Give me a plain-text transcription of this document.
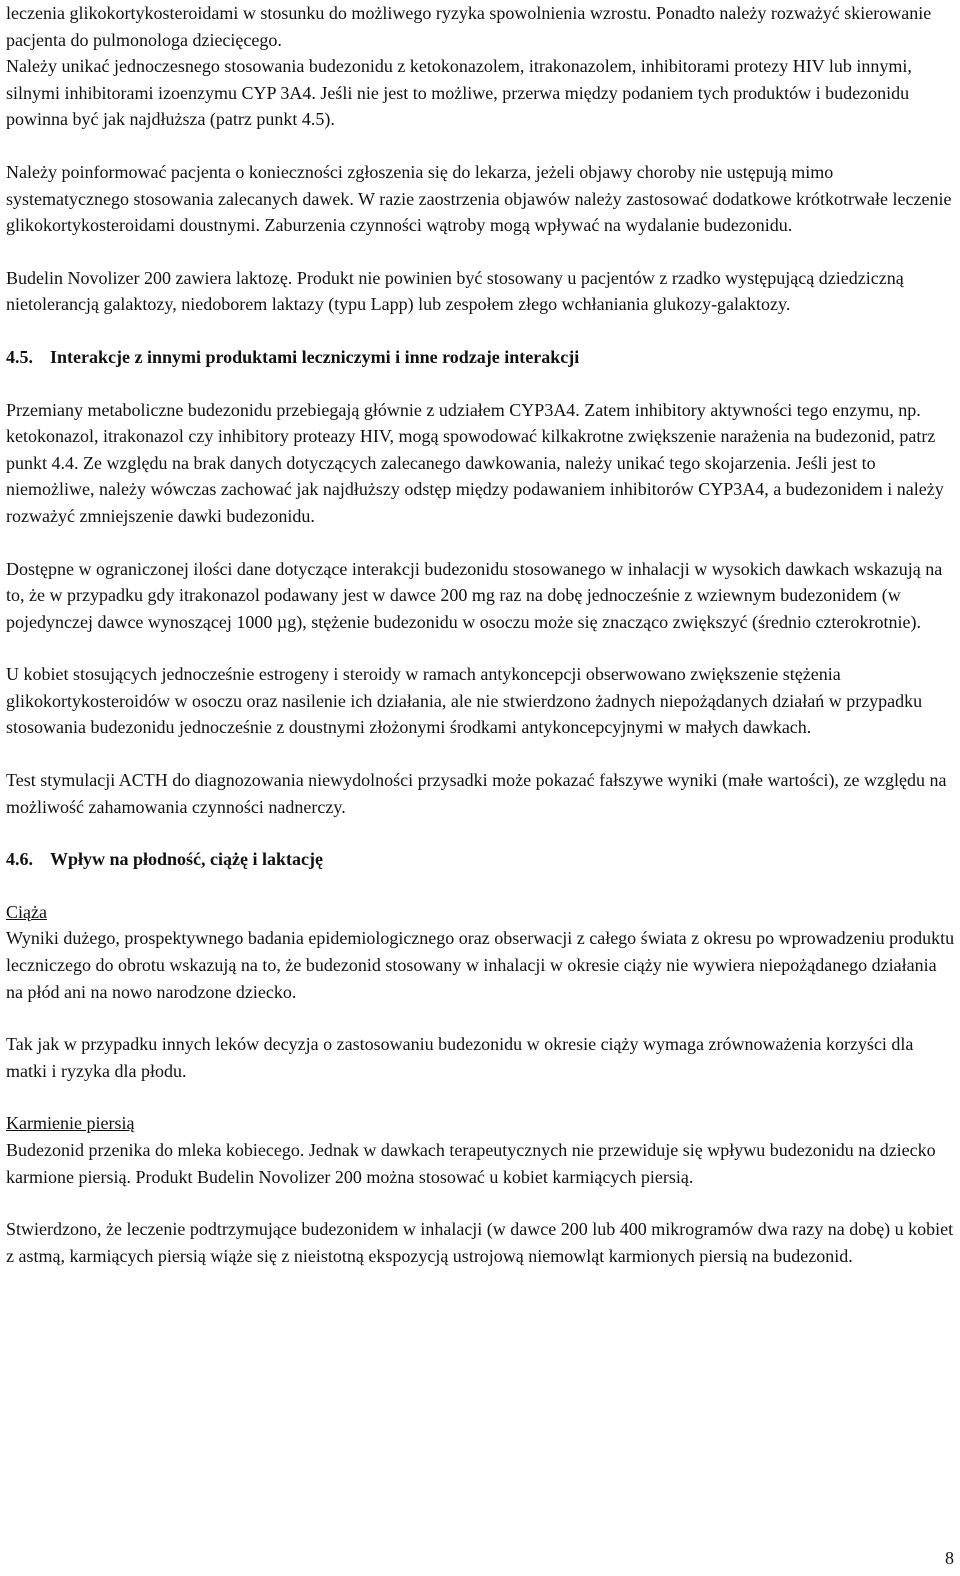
leczenia glikokortykosteroidami w stosunku do możliwego ryzyka spowolnienia wzrostu. Ponadto należy rozważyć skierowanie pacjenta do pulmonologa dziecięcego.

Należy unikać jednoczesnego stosowania budezonidu z ketokonazolem, itrakonazolem, inhibitorami protezy HIV lub innymi, silnymi inhibitorami izoenzymu CYP 3A4. Jeśli nie jest to możliwe, przerwa między podaniem tych produktów i budezonidu powinna być jak najdłuższa (patrz punkt 4.5).

Należy poinformować pacjenta o konieczności zgłoszenia się do lekarza, jeżeli objawy choroby nie ustępują mimo systematycznego stosowania zalecanych dawek. W razie zaostrzenia objawów należy zastosować dodatkowe krótkotrwałe leczenie glikokortykosteroidami doustnymi. Zaburzenia czynności wątroby mogą wpływać na wydalanie budezonidu.

Budelin Novolizer 200 zawiera laktozę. Produkt nie powinien być stosowany u pacjentów z rzadko występującą dziedziczną nietolerancją galaktozy, niedoborem laktazy (typu Lapp) lub zespołem złego wchłaniania glukozy-galaktozy.

4.5. Interakcje z innymi produktami leczniczymi i inne rodzaje interakcji

Przemiany metaboliczne budezonidu przebiegają głównie z udziałem CYP3A4. Zatem inhibitory aktywności tego enzymu, np. ketokonazol, itrakonazol czy inhibitory proteazy HIV, mogą spowodować kilkakrotne zwiększenie narażenia na budezonid, patrz punkt 4.4. Ze względu na brak danych dotyczących zalecanego dawkowania, należy unikać tego skojarzenia. Jeśli jest to niemożliwe, należy wówczas zachować jak najdłuższy odstęp między podawaniem inhibitorów CYP3A4, a budezonidem i należy rozważyć zmniejszenie dawki budezonidu.

Dostępne w ograniczonej ilości dane dotyczące interakcji budezonidu stosowanego w inhalacji w wysokich dawkach wskazują na to, że w przypadku gdy itrakonazol podawany jest w dawce 200 mg raz na dobę jednocześnie z wziewnym budezonidem (w pojedynczej dawce wynoszącej 1000 µg), stężenie budezonidu w osoczu może się znacząco zwiększyć (średnio czterokrotnie).

U kobiet stosujących jednocześnie estrogeny i steroidy w ramach antykoncepcji obserwowano zwiększenie stężenia glikokortykosteroidów w osoczu oraz nasilenie ich działania, ale nie stwierdzono żadnych niepożądanych działań w przypadku stosowania budezonidu jednocześnie z doustnymi złożonymi środkami antykoncepcyjnymi w małych dawkach.

Test stymulacji ACTH do diagnozowania niewydolności przysadki może pokazać fałszywe wyniki (małe wartości), ze względu na możliwość zahamowania czynności nadnerczy.

4.6. Wpływ na płodność, ciążę i laktację

Ciąża

Wyniki dużego, prospektywnego badania epidemiologicznego oraz obserwacji z całego świata z okresu po wprowadzeniu produktu leczniczego do obrotu wskazują na to, że budezonid stosowany w inhalacji w okresie ciąży nie wywiera niepożądanego działania na płód ani na nowo narodzone dziecko.

Tak jak w przypadku innych leków decyzja o zastosowaniu budezonidu w okresie ciąży wymaga zrównoważenia korzyści dla matki i ryzyka dla płodu.

Karmienie piersią

Budezonid przenika do mleka kobiecego. Jednak w dawkach terapeutycznych nie przewiduje się wpływu budezonidu na dziecko karmione piersią. Produkt Budelin Novolizer 200 można stosować u kobiet karmiących piersią.

Stwierdzono, że leczenie podtrzymujące budezonidem w inhalacji (w dawce 200 lub 400 mikrogramów dwa razy na dobę) u kobiet z astmą, karmiących piersią wiąże się z nieistotną ekspozycją ustrojową niemowląt karmionych piersią na budezonid.

8
